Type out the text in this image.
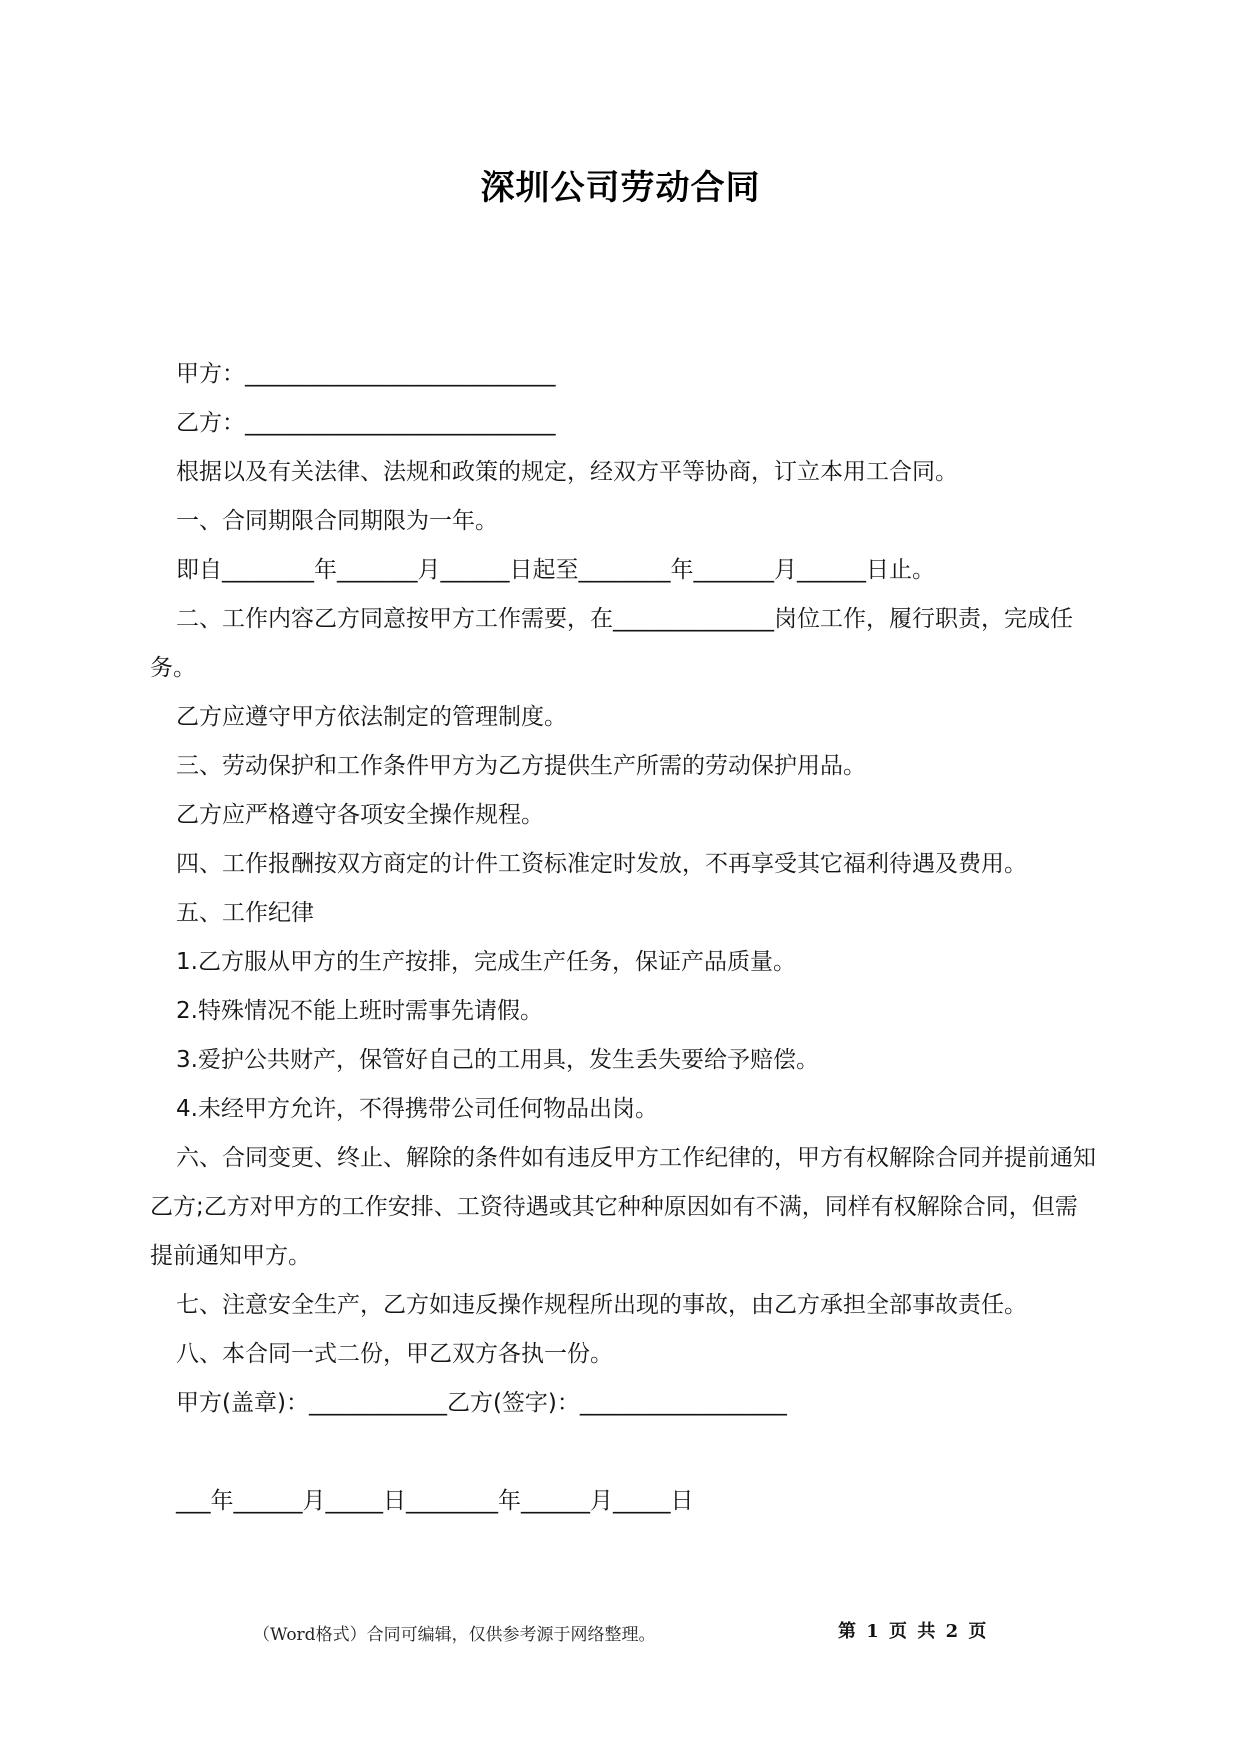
深圳公司劳动合同

甲方：___________________________

乙方：___________________________

根据以及有关法律、法规和政策的规定，经双方平等协商，订立本用工合同。

一、合同期限合同期限为一年。

即自________年_______月______日起至________年_______月______日止。

二、工作内容乙方同意按甲方工作需要，在______________岗位工作，履行职责，完成任务。

乙方应遵守甲方依法制定的管理制度。

三、劳动保护和工作条件甲方为乙方提供生产所需的劳动保护用品。

乙方应严格遵守各项安全操作规程。

四、工作报酬按双方商定的计件工资标准定时发放，不再享受其它福利待遇及费用。

五、工作纪律

1.乙方服从甲方的生产按排，完成生产任务，保证产品质量。

2.特殊情况不能上班时需事先请假。

3.爱护公共财产，保管好自己的工用具，发生丢失要给予赔偿。

4.未经甲方允许，不得携带公司任何物品出岗。

六、合同变更、终止、解除的条件如有违反甲方工作纪律的，甲方有权解除合同并提前通知乙方;乙方对甲方的工作安排、工资待遇或其它种种原因如有不满，同样有权解除合同，但需提前通知甲方。

七、注意安全生产，乙方如违反操作规程所出现的事故，由乙方承担全部事故责任。

八、本合同一式二份，甲乙双方各执一份。

甲方(盖章)：____________乙方(签字)：__________________

___年______月_____日________年______月_____日

（Word格式）合同可编辑，仅供参考源于网络整理。	第 1 页 共 2 页
